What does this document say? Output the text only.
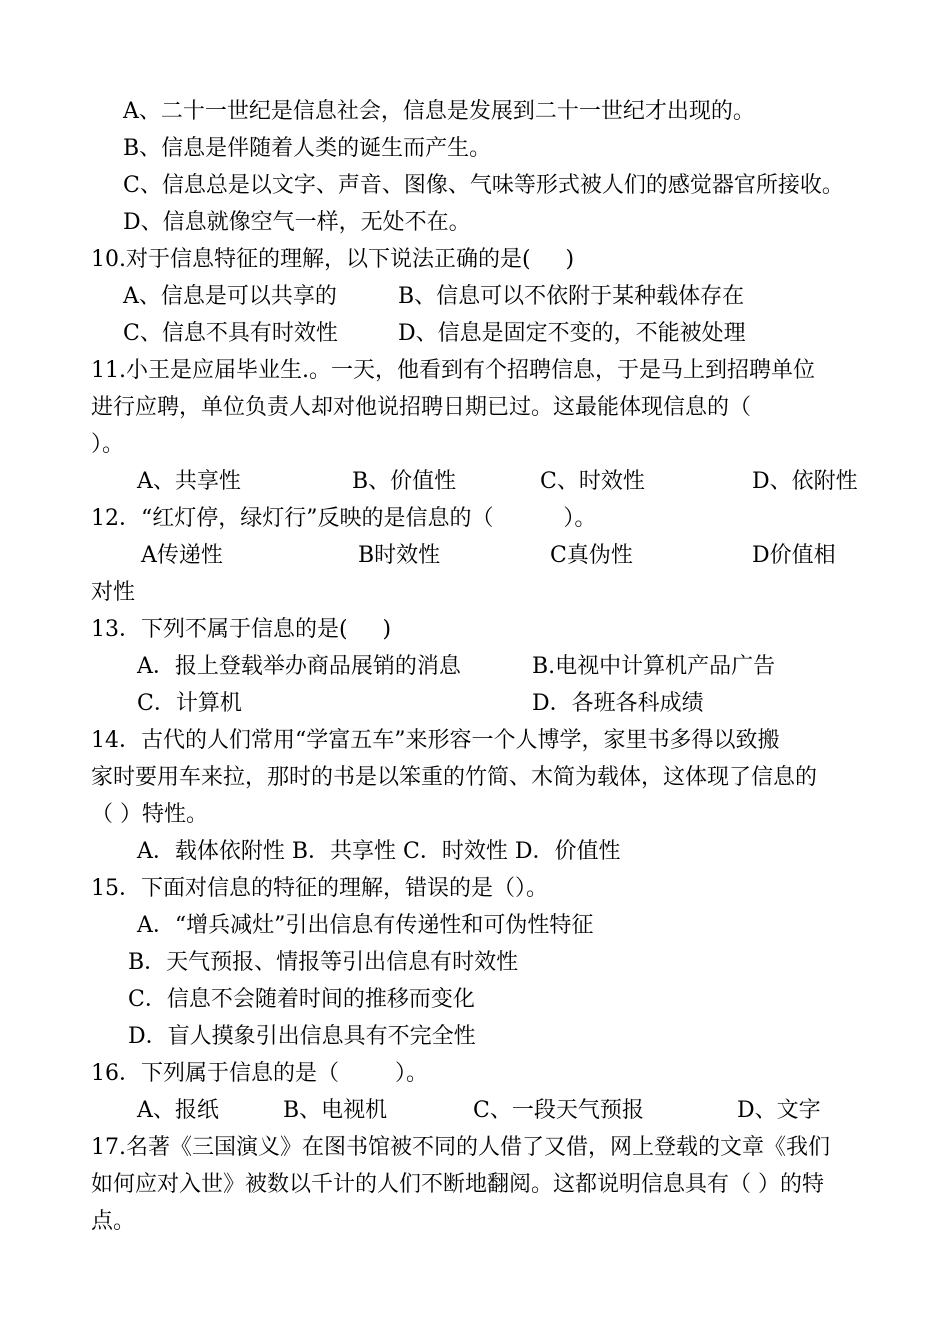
A、二十一世纪是信息社会，信息是发展到二十一世纪才出现的。
B、信息是伴随着人类的诞生而产生。
C、信息总是以文字、声音、图像、气味等形式被人们的感觉器官所接收。
D、信息就像空气一样，无处不在。
10.对于信息特征的理解，以下说法正确的是(     )
A、信息是可以共享的	B、信息可以不依附于某种载体存在
C、信息不具有时效性	D、信息是固定不变的，不能被处理
11.小王是应届毕业生.。一天，他看到有个招聘信息，于是马上到招聘单位
进行应聘，单位负责人却对他说招聘日期已过。这最能体现信息的（
）。
A、共享性	B、价值性	C、时效性	D、依附性
12．“红灯停，绿灯行”反映的是信息的（          ）。
A传递性	B时效性	C真伪性	D价值相
对性
13．下列不属于信息的是(     )
A．报上登载举办商品展销的消息	B.电视中计算机产品广告
C．计算机	D．各班各科成绩
14．古代的人们常用“学富五车”来形容一个人博学，家里书多得以致搬
家时要用车来拉，那时的书是以笨重的竹简、木简为载体，这体现了信息的
（ ）特性。
A．载体依附性 B．共享性 C．时效性 D．价值性
15．下面对信息的特征的理解，错误的是（）。
A．“增兵减灶”引出信息有传递性和可伪性特征
B．天气预报、情报等引出信息有时效性
C．信息不会随着时间的推移而变化
D．盲人摸象引出信息具有不完全性
16．下列属于信息的是（        ）。
A、报纸	B、电视机	C、一段天气预报	D、文字
17.名著《三国演义》在图书馆被不同的人借了又借，网上登载的文章《我们
如何应对入世》被数以千计的人们不断地翻阅。这都说明信息具有（ ）的特
点。
